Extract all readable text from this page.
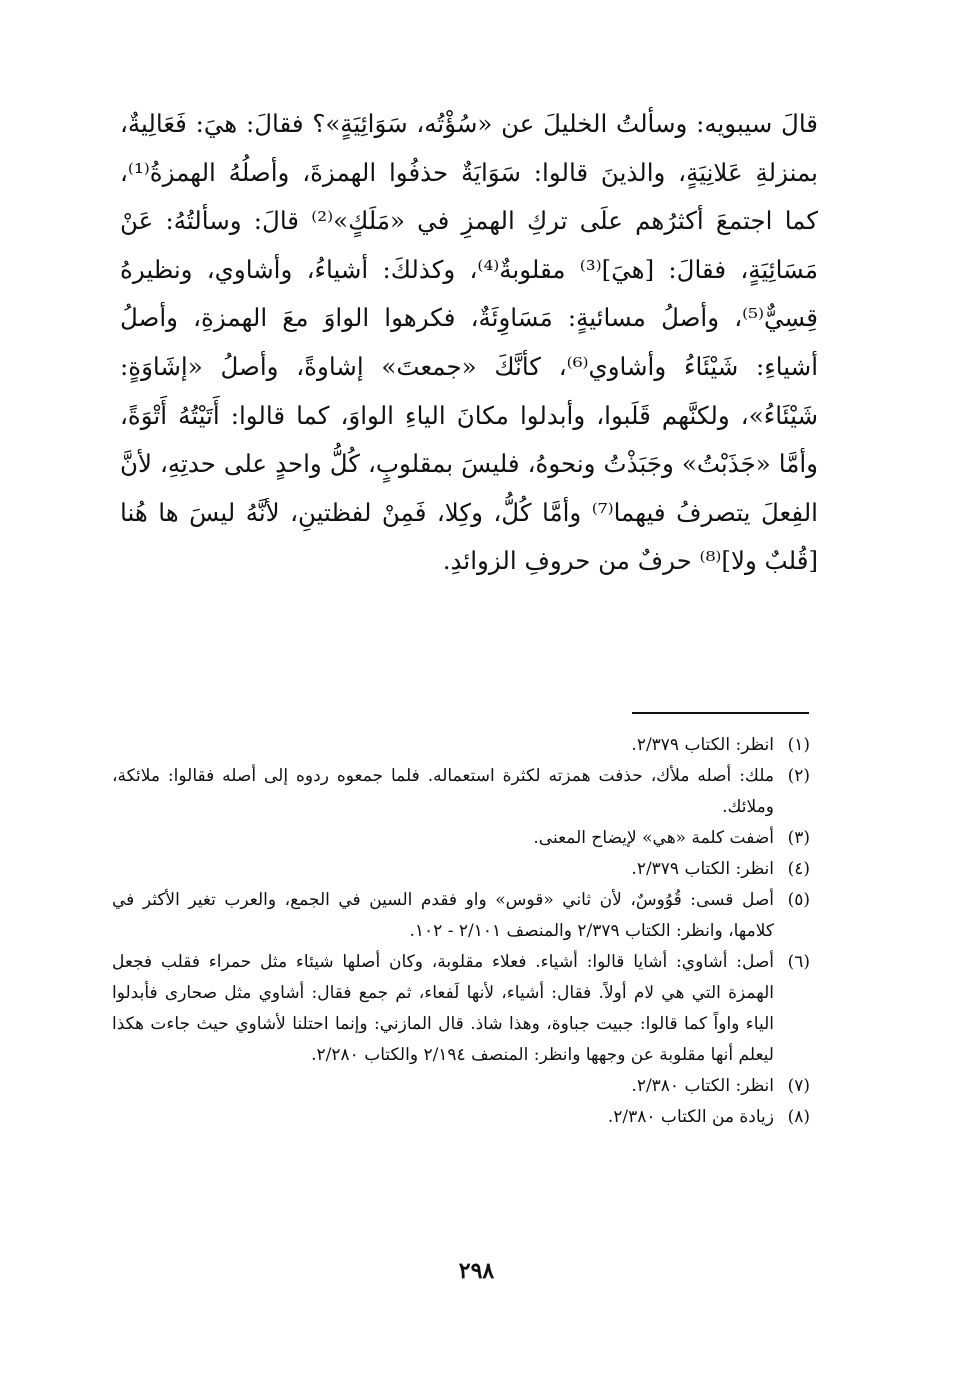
قالَ سيبويه: وسألتُ الخليلَ عن «سُؤْتُه، سَوَائِيَةٍ»؟ فقالَ: هيَ: فَعَالِيةٌ، بمنزلةِ عَلانِيَةٍ، والذينَ قالوا: سَوَايَةٌ حذفُوا الهمزةَ، وأصلُهُ الهمزةُ⁽¹⁾، كما اجتمعَ أكثرُهم علَى تركِ الهمزِ في «مَلَكٍ»⁽²⁾ قالَ: وسألتُهُ: عَنْ مَسَائِيَةٍ، فقالَ: [هيَ]⁽³⁾ مقلوبةٌ⁽⁴⁾، وكذلكَ: أشياءُ، وأشاوي، ونظيرهُ قِسِيٌّ⁽⁵⁾، وأصلُ مسائيةٍ: مَسَاوِئَةٌ، فكرهوا الواوَ معَ الهمزةِ، وأصلُ أشياءِ: شَيْئَاءُ وأشاوي⁽⁶⁾، كأنَّكَ «جمعتَ» إشاوةً، وأصلُ «إشَاوَةٍ: شَيْئَاءُ»، ولكنَّهم قَلَبوا، وأبدلوا مكانَ الياءِ الواوَ، كما قالوا: أَتَيْتُهُ أَتْوَةً، وأمَّا «جَذَبْتُ» وجَبَذْتُ ونحوهُ، فليسَ بمقلوبٍ، كُلُّ واحدٍ على حدتِهِ، لأنَّ الفِعلَ يتصرفُ فيهما⁽⁷⁾ وأمَّا كُلُّ، وكِلا، فَمِنْ لفظتينِ، لأنَّهُ ليسَ ها هُنا [قُلبٌ ولا]⁽⁸⁾ حرفٌ من حروفِ الزوائدِ.

(١)
انظر: الكتاب ٢/٣٧٩.
(٢)
ملك: أصله ملأك، حذفت همزته لكثرة استعماله. فلما جمعوه ردوه إلى أصله فقالوا: ملائكة، وملائك.
(٣)
أضفت كلمة «هي» لإيضاح المعنى.
(٤)
انظر: الكتاب ٢/٣٧٩.
(٥)
أصل قسى: قُوُوسٌ، لأن ثاني «قوس» واو فقدم السين في الجمع، والعرب تغير الأكثر في كلامها، وانظر: الكتاب ٢/٣٧٩ والمنصف ٢/١٠١ - ١٠٢.
(٦)
أصل: أشاوي: أشايا قالوا: أشياء. فعلاء مقلوبة، وكان أصلها شيئاء مثل حمراء فقلب فجعل الهمزة التي هي لام أولاً. فقال: أشياء، لأنها لَفعاء، ثم جمع فقال: أشاوي مثل صحارى فأبدلوا الياء واواً كما قالوا: جبيت جباوة، وهذا شاذ. قال المازني: وإنما احتلنا لأشاوي حيث جاءت هكذا ليعلم أنها مقلوبة عن وجهها وانظر: المنصف ٢/١٩٤ والكتاب ٢/٢٨٠.
(٧)
انظر: الكتاب ٢/٣٨٠.
(٨)
زيادة من الكتاب ٢/٣٨٠.
٢٩٨
